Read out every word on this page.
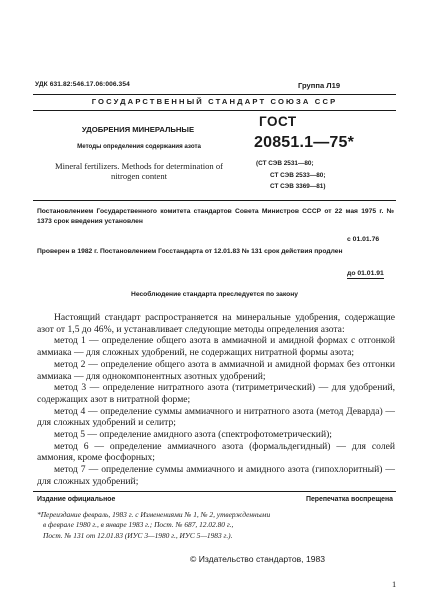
УДК 631.82:546.17.06:006.354	Группа Л19
ГОСУДАРСТВЕННЫЙ СТАНДАРТ СОЮЗА ССР
УДОБРЕНИЯ МИНЕРАЛЬНЫЕ
Методы определения содержания азота
Mineral fertilizers. Methods for determination of nitrogen content
ГОСТ
20851.1—75*
(СТ СЭВ 2531—80;
СТ СЭВ 2533—80;
СТ СЭВ 3369—81)
Постановлением Государственного комитета стандартов Совета Министров СССР от 22 мая 1975 г. № 1373 срок введения установлен
с 01.01.76
Проверен в 1982 г. Постановлением Госстандарта от 12.01.83 № 131 срок действия продлен
до 01.01.91
Несоблюдение стандарта преследуется по закону

Настоящий стандарт распространяется на минеральные удобрения, содержащие азот от 1,5 до 46%, и устанавливает следующие методы определения азота:

метод 1 — определение общего азота в аммиачной и амидной формах с отгонкой аммиака — для сложных удобрений, не содержащих нитратной формы азота;

метод 2 — определение общего азота в аммиачной и амидной формах без отгонки аммиака — для однокомпонентных азотных удобрений;

метод 3 — определение нитратного азота (титриметрический) — для удобрений, содержащих азот в нитратной форме;

метод 4 — определение суммы аммиачного и нитратного азота (метод Деварда) — для сложных удобрений и селитр;

метод 5 — определение амидного азота (спектрофотометрический);

метод 6 — определение аммиачного азота (формальдегидный) — для солей аммония, кроме фосфорных;

метод 7 — определение суммы аммиачного и амидного азота (гипохлоритный) — для сложных удобрений;

Издание официальное	Перепечатка воспрещена
*Переиздание февраль, 1983 г. с Изменениями № 1, № 2, утвержденными
в феврале 1980 г., в январе 1983 г.; Пост. № 687, 12.02.80 г.,
Пост. № 131 от 12.01.83 (ИУС 3—1980 г., ИУС 5—1983 г.).
© Издательство стандартов, 1983
1
